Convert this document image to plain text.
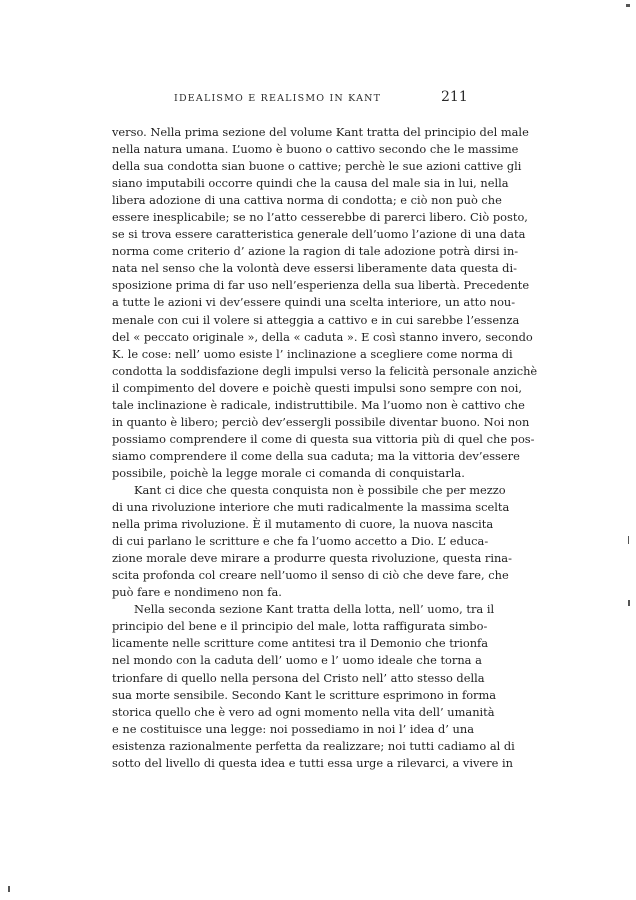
IDEALISMO E REALISMO IN KANT	211
verso. Nella prima sezione del volume Kant tratta del principio del male
nella natura umana. L’uomo è buono o cattivo secondo che le massime
della sua condotta sian buone o cattive; perchè le sue azioni cattive gli
siano imputabili occorre quindi che la causa del male sia in lui, nella
libera adozione di una cattiva norma di condotta; e ciò non può che
essere inesplicabile; se no l’atto cesserebbe di parerci libero. Ciò posto,
se si trova essere caratteristica generale dell’uomo l’azione di una data
norma come criterio d’ azione la ragion di tale adozione potrà dirsi in-
nata nel senso che la volontà deve essersi liberamente data questa di-
sposizione prima di far uso nell’esperienza della sua libertà. Precedente
a tutte le azioni vi dev’essere quindi una scelta interiore, un atto nou-
menale con cui il volere si atteggia a cattivo e in cui sarebbe l’essenza
del « peccato originale », della « caduta ». E così stanno invero, secondo
K. le cose: nell’ uomo esiste l’ inclinazione a scegliere come norma di
condotta la soddisfazione degli impulsi verso la felicità personale anzichè
il compimento del dovere e poichè questi impulsi sono sempre con noi,
tale inclinazione è radicale, indistruttibile. Ma l’uomo non è cattivo che
in quanto è libero; perciò dev’essergli possibile diventar buono. Noi non
possiamo comprendere il come di questa sua vittoria più di quel che pos-
siamo comprendere il come della sua caduta; ma la vittoria dev’essere
possibile, poichè la legge morale ci comanda di conquistarla.
Kant ci dice che questa conquista non è possibile che per mezzo
di una rivoluzione interiore che muti radicalmente la massima scelta
nella prima rivoluzione. È il mutamento di cuore, la nuova nascita
di cui parlano le scritture e che fa l’uomo accetto a Dio. L’ educa-
zione morale deve mirare a produrre questa rivoluzione, questa rina-
scita profonda col creare nell’uomo il senso di ciò che deve fare, che
può fare e nondimeno non fa.
Nella seconda sezione Kant tratta della lotta, nell’ uomo, tra il
principio del bene e il principio del male, lotta raffigurata simbo-
licamente nelle scritture come antitesi tra il Demonio che trionfa
nel mondo con la caduta dell’ uomo e l’ uomo ideale che torna a
trionfare di quello nella persona del Cristo nell’ atto stesso della
sua morte sensibile. Secondo Kant le scritture esprimono in forma
storica quello che è vero ad ogni momento nella vita dell’ umanità
e ne costituisce una legge: noi possediamo in noi l’ idea d’ una
esistenza razionalmente perfetta da realizzare; noi tutti cadiamo al di
sotto del livello di questa idea e tutti essa urge a rilevarci, a vivere in
